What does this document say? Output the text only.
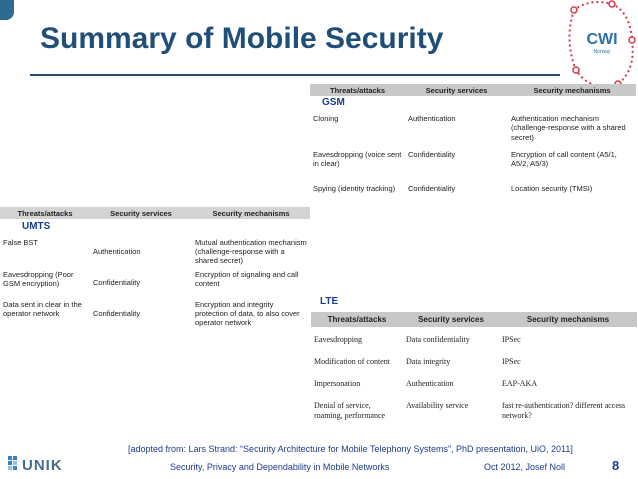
Summary of Mobile Security	CWI
Norway
Threats/attacks	Security services	Security mechanisms
GSM		
Cloning	Authentication	Authentication mechanism (challenge-response with a shared secret)
Eavesdropping (voice sent in clear)	Confidentiality	Encryption of call content (A5/1, A5/2, A5/3)
Spying (identity tracking)	Confidentiality	Location security (TMSI)
Threats/attacks	Security services	Security mechanisms
UMTS		
False BST	Authentication	Mutual authentication mechanism (challenge-response with a shared secret)
Eavesdropping (Poor GSM encryption)	Confidentiality	Encryption of signaling and call content
Data sent in clear in the operator network	Confidentiality	Encryption and integrity protection of data, to also cover operator network
LTE
Threats/attacks	Security services	Security mechanisms
Eavesdropping	Data confidentiality	IPSec
Modification of content	Data integrity	IPSec
Impersonation	Authentication	EAP-AKA
Denial of service, roaming, performance	Availability service	fast re-authentication? different access network?
UNIK
[adopted from: Lars Strand: “Security Architecture for Mobile Telephony Systems”, PhD presentation, UiO, 2011]
Security, Privacy and Dependability in Mobile Networks	Oct 2012, Josef Noll	8
